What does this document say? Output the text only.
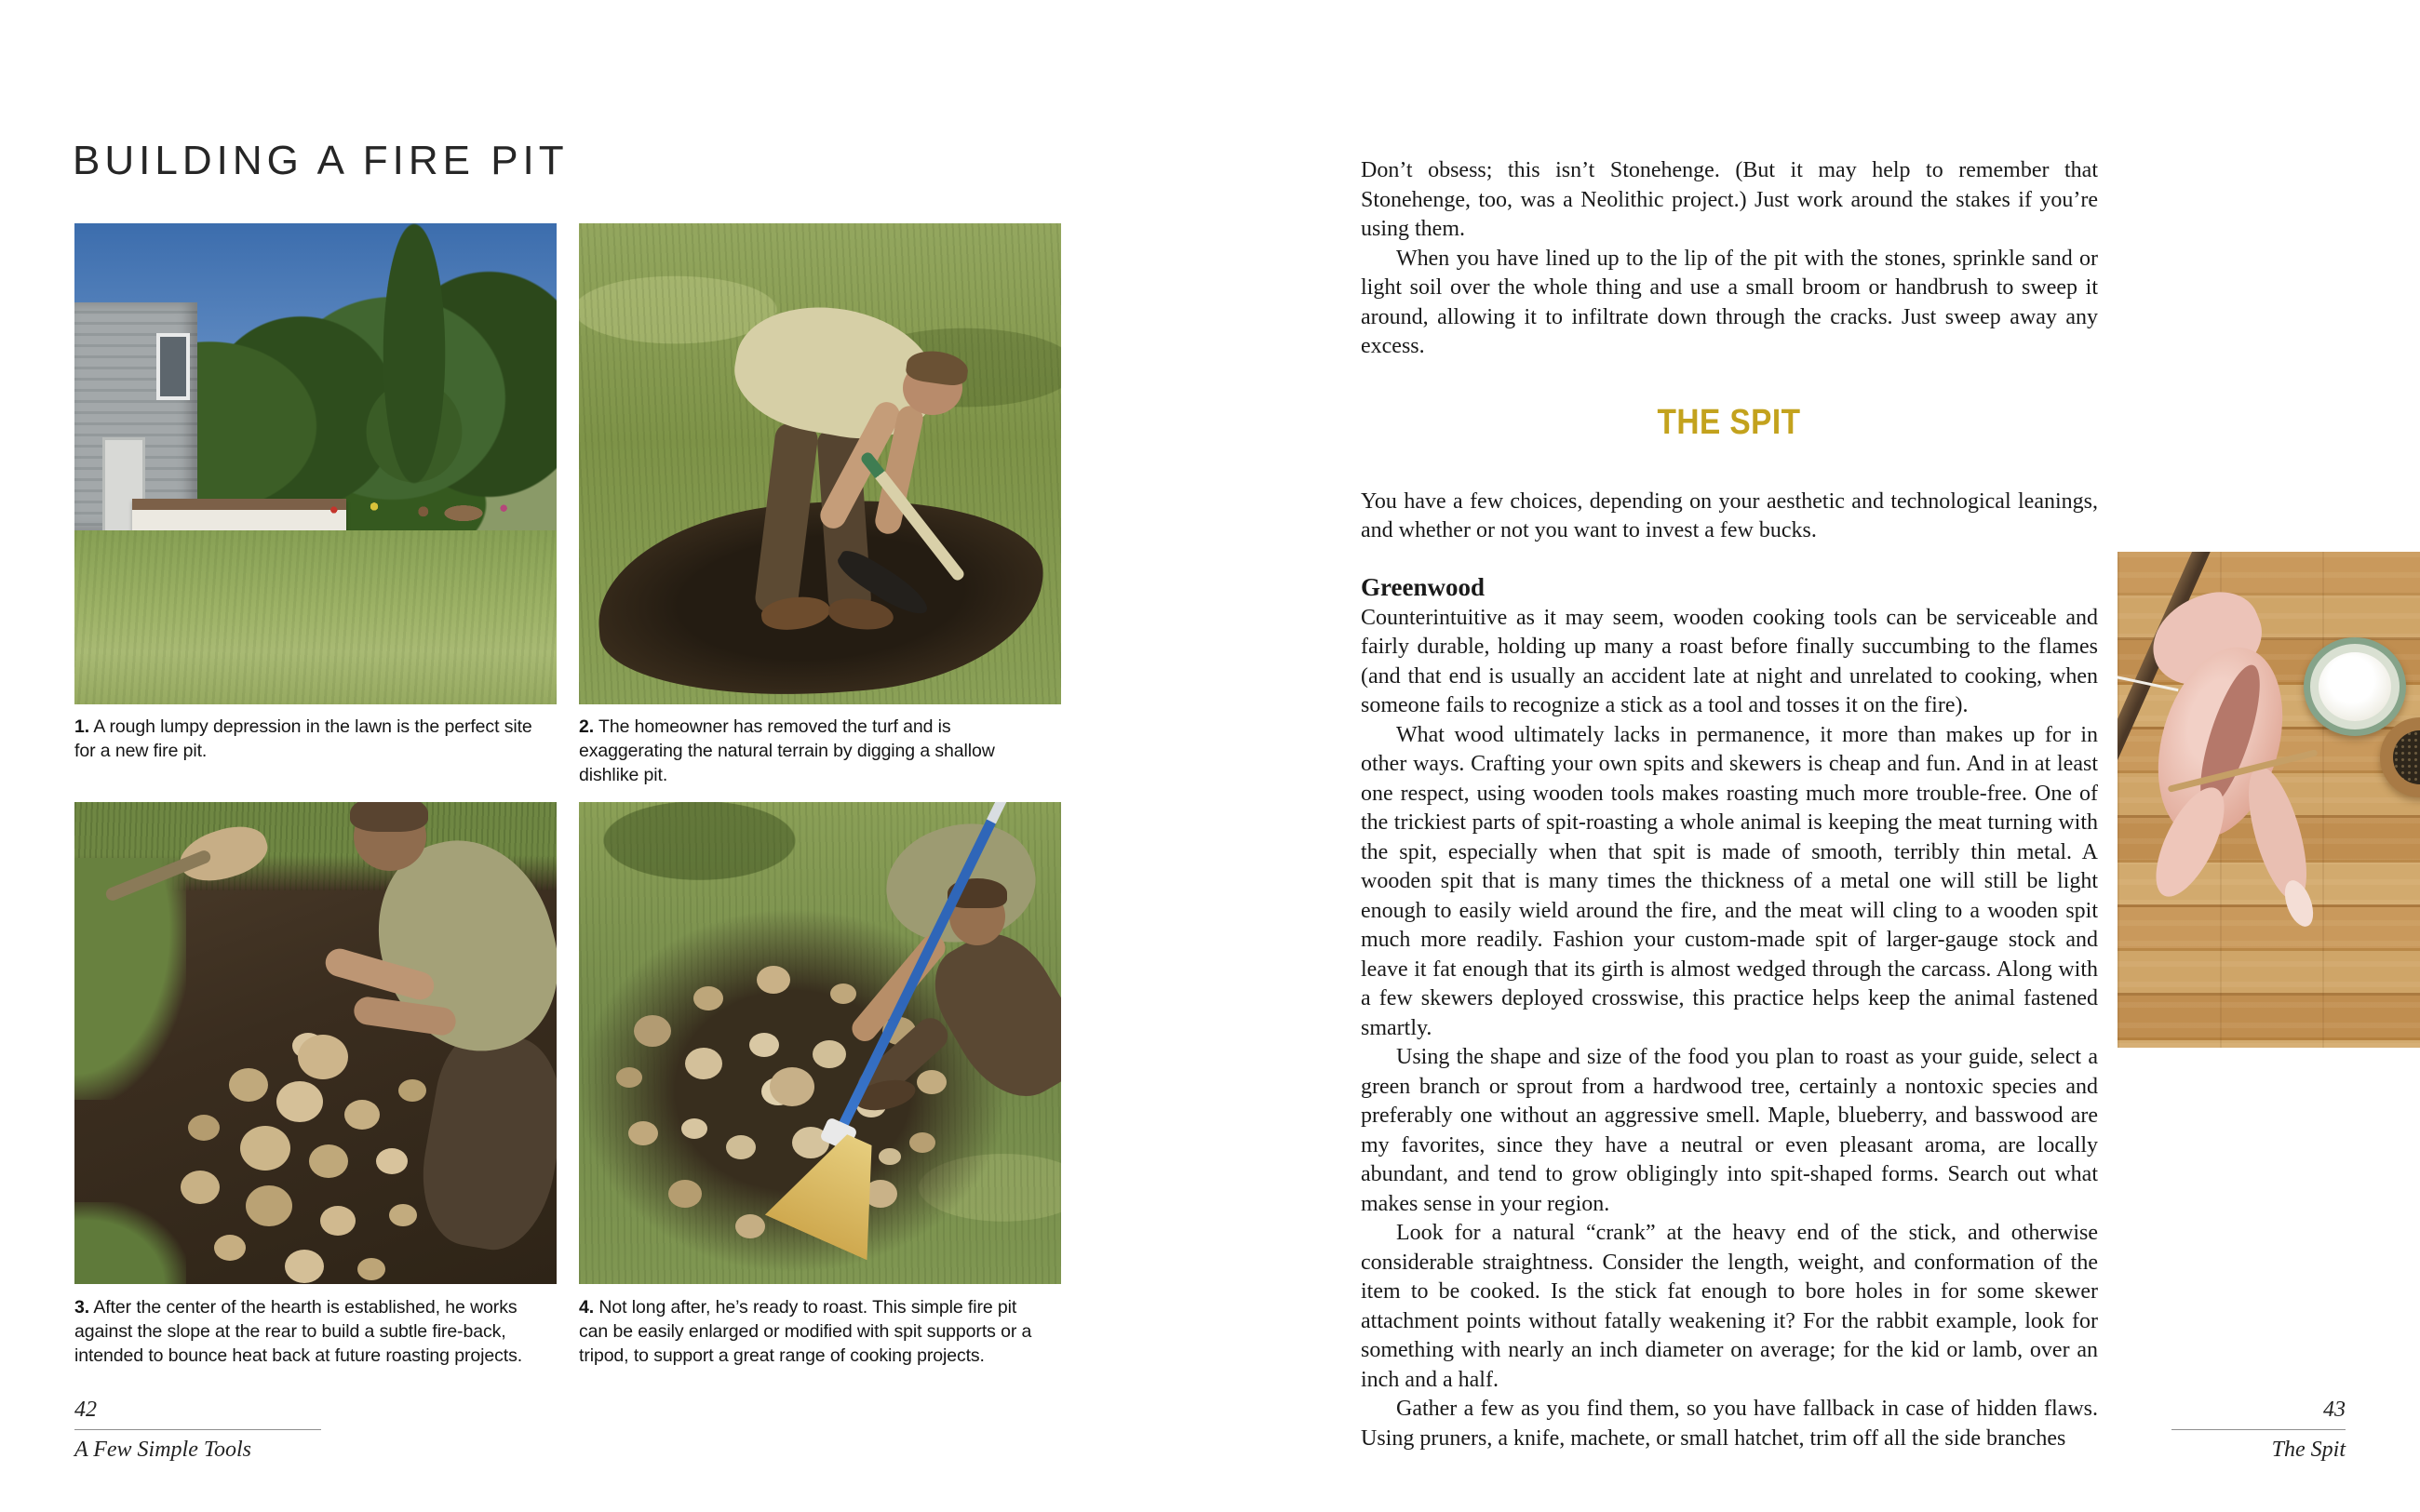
BUILDING A FIRE PIT

1. A rough lumpy depression in the lawn is the perfect site for a new fire pit.

2. The homeowner has removed the turf and is exaggerating the natural terrain by digging a shallow dishlike pit.

3. After the center of the hearth is established, he works against the slope at the rear to build a subtle fire-back, intended to bounce heat back at future roasting projects.

4. Not long after, he’s ready to roast. This simple fire pit can be easily enlarged or modified with spit supports or a tripod, to support a great range of cooking projects.

42
A Few Simple Tools

Don’t obsess; this isn’t Stonehenge. (But it may help to remember that Stonehenge, too, was a Neolithic project.) Just work around the stakes if you’re using them.

When you have lined up to the lip of the pit with the stones, sprinkle sand or light soil over the whole thing and use a small broom or handbrush to sweep it around, allowing it to infiltrate down through the cracks. Just sweep away any excess.

THE SPIT

You have a few choices, depending on your aesthetic and technological leanings, and whether or not you want to invest a few bucks.

Greenwood

Counterintuitive as it may seem, wooden cooking tools can be serviceable and fairly durable, holding up many a roast before finally succumbing to the flames (and that end is usually an accident late at night and unrelated to cooking, when someone fails to recognize a stick as a tool and tosses it on the fire).

What wood ultimately lacks in permanence, it more than makes up for in other ways. Crafting your own spits and skewers is cheap and fun. And in at least one respect, using wooden tools makes roasting much more trouble-free. One of the trickiest parts of spit-roasting a whole animal is keeping the meat turning with the spit, especially when that spit is made of smooth, terribly thin metal. A wooden spit that is many times the thickness of a metal one will still be light enough to easily wield around the fire, and the meat will cling to a wooden spit much more readily. Fashion your custom-made spit of larger-gauge stock and leave it fat enough that its girth is almost wedged through the carcass. Along with a few skewers deployed crosswise, this practice helps keep the animal fastened smartly.

Using the shape and size of the food you plan to roast as your guide, select a green branch or sprout from a hardwood tree, certainly a nontoxic species and preferably one without an aggressive smell. Maple, blueberry, and basswood are my favorites, since they have a neutral or even pleasant aroma, are locally abundant, and tend to grow obligingly into spit-shaped forms. Search out what makes sense in your region.

Look for a natural “crank” at the heavy end of the stick, and otherwise considerable straightness. Consider the length, weight, and conformation of the item to be cooked. Is the stick fat enough to bore holes in for some skewer attachment points without fatally weakening it? For the rabbit example, look for something with nearly an inch diameter on average; for the kid or lamb, over an inch and a half.

Gather a few as you find them, so you have fallback in case of hidden flaws. Using pruners, a knife, machete, or small hatchet, trim off all the side branches

43
The Spit
